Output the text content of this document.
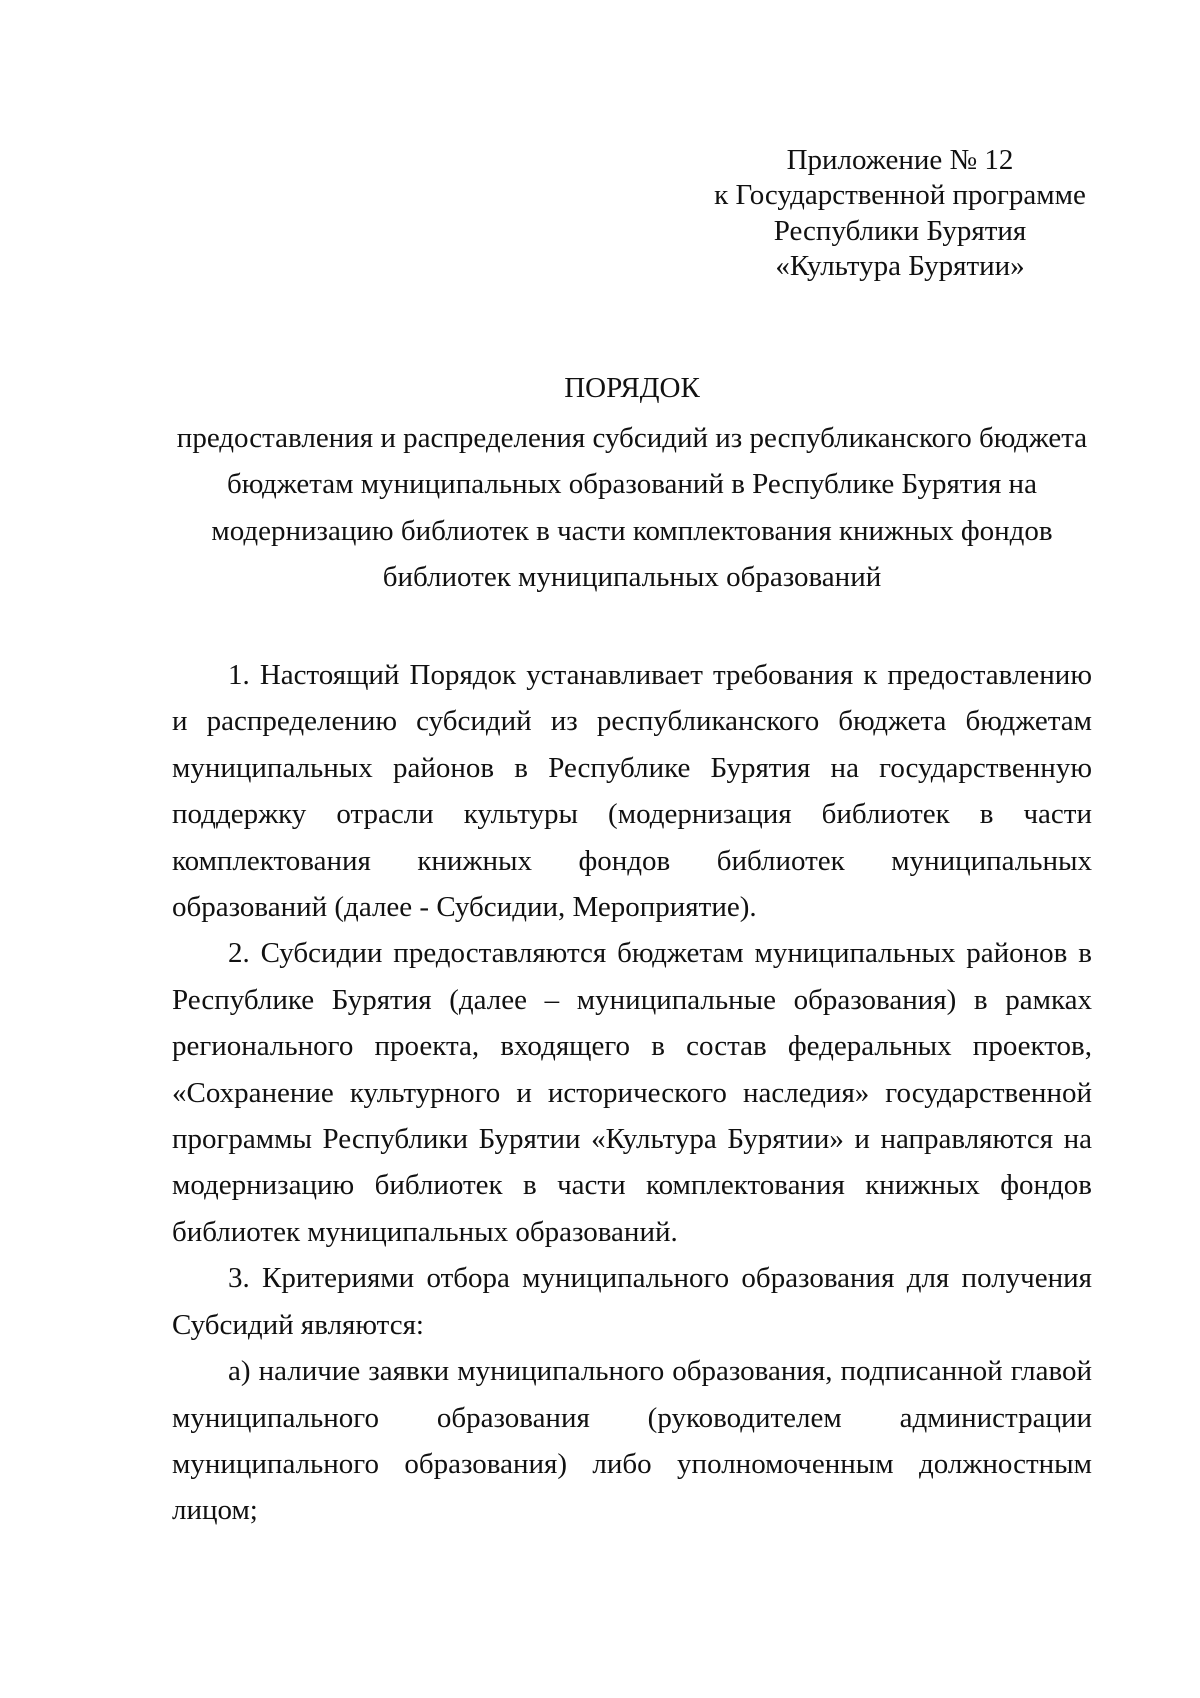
Приложение № 12
к Государственной программе
Республики Бурятия
«Культура Бурятии»
ПОРЯДОК
предоставления и распределения субсидий из республиканского бюджета бюджетам муниципальных образований в Республике Бурятия на модернизацию библиотек в части комплектования книжных фондов библиотек муниципальных образований

1. Настоящий Порядок устанавливает требования к предоставлению и распределению субсидий из республиканского бюджета бюджетам муниципальных районов в Республике Бурятия на государственную поддержку отрасли культуры (модернизация библиотек в части комплектования книжных фондов библиотек муниципальных образований (далее - Субсидии, Мероприятие).

2. Субсидии предоставляются бюджетам муниципальных районов в Республике Бурятия (далее – муниципальные образования) в рамках регионального проекта, входящего в состав федеральных проектов, «Сохранение культурного и исторического наследия» государственной программы Республики Бурятии «Культура Бурятии» и направляются на модернизацию библиотек в части комплектования книжных фондов библиотек муниципальных образований.

3. Критериями отбора муниципального образования для получения Субсидий являются:

а) наличие заявки муниципального образования, подписанной главой муниципального образования (руководителем администрации муниципального образования) либо уполномоченным должностным лицом;
